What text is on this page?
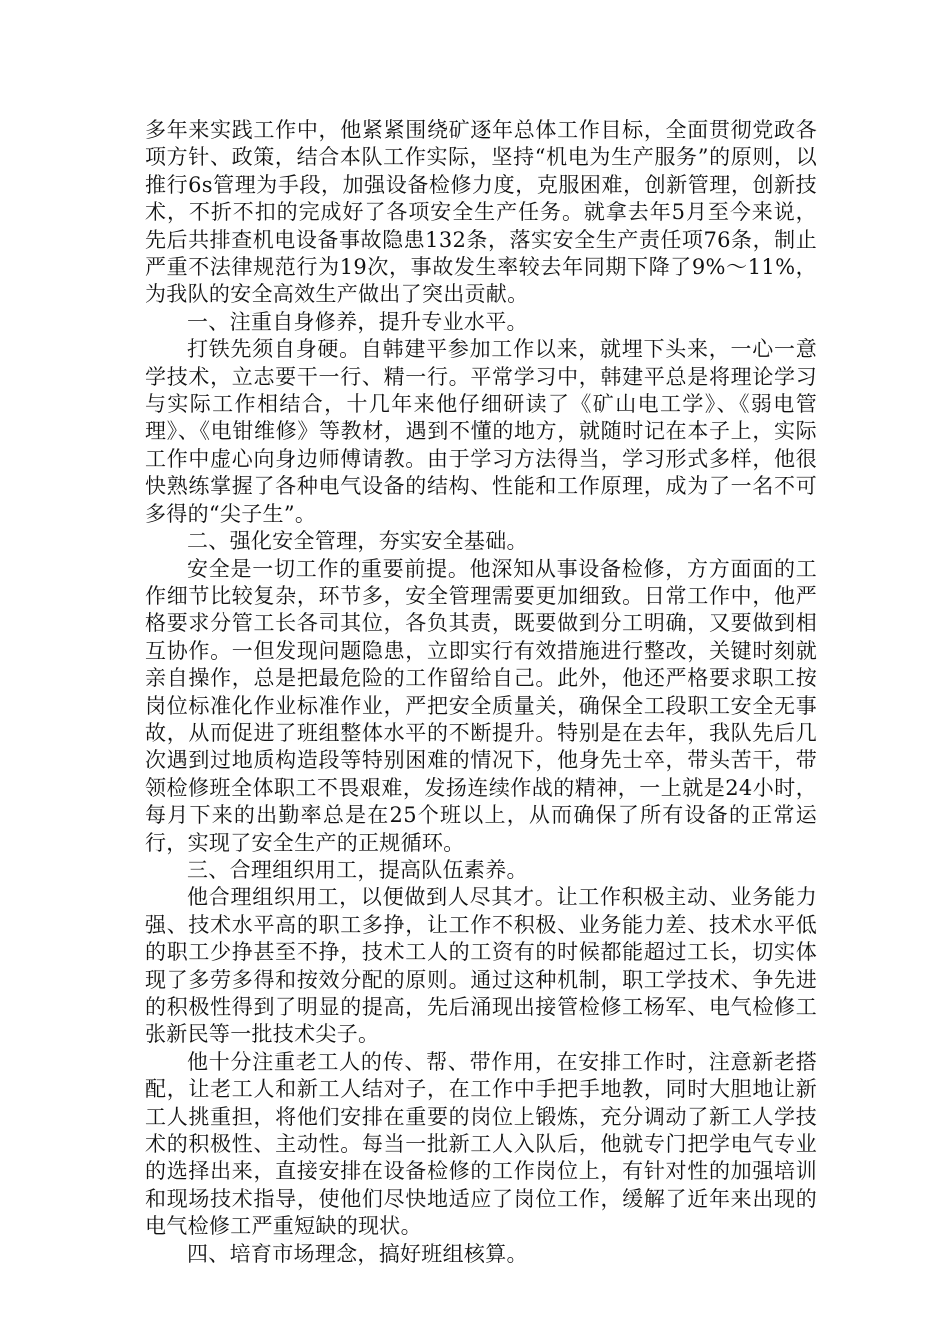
多年来实践工作中，他紧紧围绕矿逐年总体工作目标，全面贯彻党政各项方针、政策，结合本队工作实际，坚持“机电为生产服务”的原则，以推行6s管理为手段，加强设备检修力度，克服困难，创新管理，创新技术，不折不扣的完成好了各项安全生产任务。就拿去年5月至今来说，先后共排查机电设备事故隐患132条，落实安全生产责任项76条，制止严重不法律规范行为19次，事故发生率较去年同期下降了9%～11%，为我队的安全高效生产做出了突出贡献。

一、注重自身修养，提升专业水平。

打铁先须自身硬。自韩建平参加工作以来，就埋下头来，一心一意学技术，立志要干一行、精一行。平常学习中，韩建平总是将理论学习与实际工作相结合，十几年来他仔细研读了《矿山电工学》、《弱电管理》、《电钳维修》等教材，遇到不懂的地方，就随时记在本子上，实际工作中虚心向身边师傅请教。由于学习方法得当，学习形式多样，他很快熟练掌握了各种电气设备的结构、性能和工作原理，成为了一名不可多得的“尖子生”。

二、强化安全管理，夯实安全基础。

安全是一切工作的重要前提。他深知从事设备检修，方方面面的工作细节比较复杂，环节多，安全管理需要更加细致。日常工作中，他严格要求分管工长各司其位，各负其责，既要做到分工明确，又要做到相互协作。一但发现问题隐患，立即实行有效措施进行整改，关键时刻就亲自操作，总是把最危险的工作留给自己。此外，他还严格要求职工按岗位标准化作业标准作业，严把安全质量关，确保全工段职工安全无事故，从而促进了班组整体水平的不断提升。特别是在去年，我队先后几次遇到过地质构造段等特别困难的情况下，他身先士卒，带头苦干，带领检修班全体职工不畏艰难，发扬连续作战的精神，一上就是24小时，每月下来的出勤率总是在25个班以上，从而确保了所有设备的正常运行，实现了安全生产的正规循环。

三、合理组织用工，提高队伍素养。

他合理组织用工，以便做到人尽其才。让工作积极主动、业务能力强、技术水平高的职工多挣，让工作不积极、业务能力差、技术水平低的职工少挣甚至不挣，技术工人的工资有的时候都能超过工长，切实体现了多劳多得和按效分配的原则。通过这种机制，职工学技术、争先进的积极性得到了明显的提高，先后涌现出接管检修工杨军、电气检修工张新民等一批技术尖子。

他十分注重老工人的传、帮、带作用，在安排工作时，注意新老搭配，让老工人和新工人结对子，在工作中手把手地教，同时大胆地让新工人挑重担，将他们安排在重要的岗位上锻炼，充分调动了新工人学技术的积极性、主动性。每当一批新工人入队后，他就专门把学电气专业的选择出来，直接安排在设备检修的工作岗位上，有针对性的加强培训和现场技术指导，使他们尽快地适应了岗位工作，缓解了近年来出现的电气检修工严重短缺的现状。

四、培育市场理念，搞好班组核算。
